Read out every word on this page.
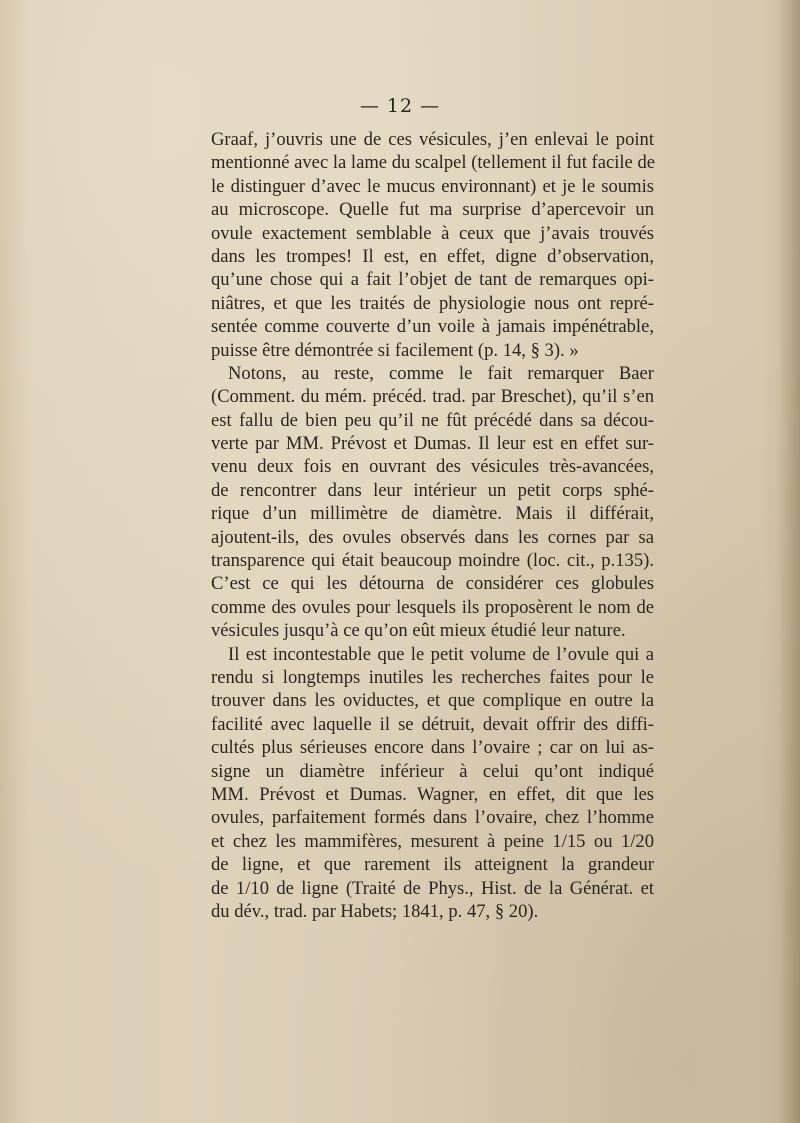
— 12 —
Graaf, j’ouvris une de ces vésicules, j’en enlevai le point
mentionné avec la lame du scalpel (tellement il fut facile de
le distinguer d’avec le mucus environnant) et je le soumis
au microscope. Quelle fut ma surprise d’apercevoir un
ovule exactement semblable à ceux que j’avais trouvés
dans les trompes! Il est, en effet, digne d’observation,
qu’une chose qui a fait l’objet de tant de remarques opi-
niâtres, et que les traités de physiologie nous ont repré-
sentée comme couverte d’un voile à jamais impénétrable,
puisse être démontrée si facilement (p. 14, § 3). »
Notons, au reste, comme le fait remarquer Baer
(Comment. du mém. précéd. trad. par Breschet), qu’il s’en
est fallu de bien peu qu’il ne fût précédé dans sa décou-
verte par MM. Prévost et Dumas. Il leur est en effet sur-
venu deux fois en ouvrant des vésicules très-avancées,
de rencontrer dans leur intérieur un petit corps sphé-
rique d’un millimètre de diamètre. Mais il différait,
ajoutent-ils, des ovules observés dans les cornes par sa
transparence qui était beaucoup moindre (loc. cit., p.135).
C’est ce qui les détourna de considérer ces globules
comme des ovules pour lesquels ils proposèrent le nom de
vésicules jusqu’à ce qu’on eût mieux étudié leur nature.
Il est incontestable que le petit volume de l’ovule qui a
rendu si longtemps inutiles les recherches faites pour le
trouver dans les oviductes, et que complique en outre la
facilité avec laquelle il se détruit, devait offrir des diffi-
cultés plus sérieuses encore dans l’ovaire ; car on lui as-
signe un diamètre inférieur à celui qu’ont indiqué
MM. Prévost et Dumas. Wagner, en effet, dit que les
ovules, parfaitement formés dans l’ovaire, chez l’homme
et chez les mammifères, mesurent à peine 1/15 ou 1/20
de ligne, et que rarement ils atteignent la grandeur
de 1/10 de ligne (Traité de Phys., Hist. de la Générat. et
du dév., trad. par Habets; 1841, p. 47, § 20).
